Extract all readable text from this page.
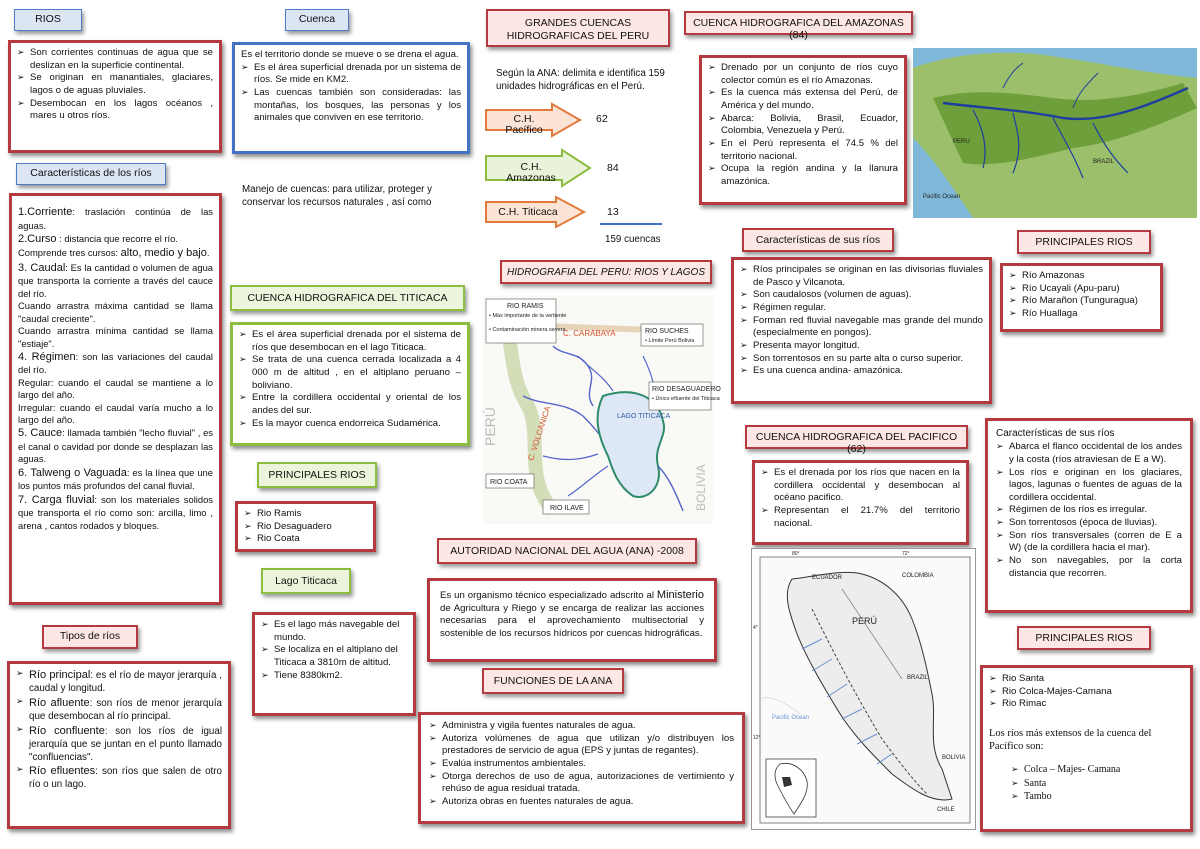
RIOS
➢ Son corrientes continuas de agua que se deslizan en la superficie continental.
➢ Se originan en manantiales, glaciares, lagos o de aguas pluviales.
➢ Desembocan en los lagos océanos , mares u otros ríos.
Características de los ríos

1.Corriente: traslación continúa de las aguas.

2.Curso : distancia que recorre el río.

Comprende tres cursos: alto, medio y bajo.

3. Caudal: Es la cantidad o volumen de agua que transporta la corriente a través del cauce del río.

Cuando arrastra máxima cantidad se llama "caudal creciente".

Cuando arrastra mínima cantidad se llama "estiaje".

4. Régimen: son las variaciones del caudal del río.

Regular: cuando el caudal se mantiene a lo largo del año.

Irregular: cuando el caudal varía mucho a lo largo del año.

5. Cauce: llamada también "lecho fluvial" , es el canal o cavidad por donde se desplazan las aguas.

6. Talweng o Vaguada: es la línea que une los puntos más profundos del canal fluvial.

7. Carga fluvial: son los materiales solidos que transporta el río como son: arcilla, limo , arena , cantos rodados y bloques.

Tipos de ríos
➢ Río principal: es el río de mayor jerarquía , caudal y longitud.
➢ Río afluente: son ríos de menor jerarquía que desembocan al río principal.
➢ Río confluente: son los ríos de igual jerarquía que se juntan en el punto llamado "confluencias".
➢ Río efluentes: son ríos que salen de otro río o un lago.
Cuenca

Es el territorio donde se mueve o se drena el agua.

➢ Es el área superficial drenada por un sistema de ríos. Se mide en KM2.
➢ Las cuencas también son consideradas: las montañas, los bosques, las personas y los animales que conviven en ese territorio.
Manejo de cuencas: para utilizar, proteger y conservar los recursos naturales , así como
CUENCA HIDROGRAFICA DEL TITICACA
➢ Es el área superficial drenada por el sistema de ríos que desembocan en el lago Titicaca.
➢ Se trata de una cuenca cerrada localizada a 4 000 m de altitud , en el altiplano peruano – boliviano.
➢ Entre la cordillera occidental y oriental de los andes del sur.
➢ Es la mayor cuenca endorreica Sudamérica.
PRINCIPALES RIOS
➢ Rio Ramis
➢ Rio Desaguadero
➢ Rio Coata
Lago Titicaca
➢ Es el lago más navegable del mundo.
➢ Se localiza en el altiplano del Titicaca a 3810m de altitud.
➢ Tiene 8380km2.
GRANDES CUENCAS
HIDROGRAFICAS DEL PERU
Según la ANA: delimita e identifica 159 unidades hidrográficas en el Perú.
C.H. Pacífico
62
C.H. Amazonas
84
C.H. Titicaca	13
159 cuencas
HIDROGRAFIA DEL PERU: RIOS Y LAGOS
RIO RAMIS
• Más importante de la vertiente
• Contaminación minera severa
C. CARABAYA	RIO SUCHES
• Límite Perú Bolivia
RIO DESAGUADERO
• Único efluente del Titicaca
LAGO TITICACA
RIO COATA
RIO ILAVE
C. VOLCANICA
PERÚ
BOLIVIA
AUTORIDAD NACIONAL DEL AGUA (ANA) -2008

Es un organismo técnico especializado adscrito al Ministerio de Agricultura y Riego y se encarga de realizar las acciones necesarias para el aprovechamiento multisectorial y sostenible de los recursos hídricos por cuencas hidrográficas.

FUNCIONES DE LA ANA
➢ Administra y vigila fuentes naturales de agua.
➢ Autoriza volúmenes de agua que utilizan y/o distribuyen los prestadores de servicio de agua (EPS y juntas de regantes).
➢ Evalúa instrumentos ambientales.
➢ Otorga derechos de uso de agua, autorizaciones de vertimiento y rehúso de agua residual tratada.
➢ Autoriza obras en fuentes naturales de agua.
CUENCA HIDROGRAFICA DEL AMAZONAS (84)
➢ Drenado por un conjunto de ríos cuyo colector común es el río Amazonas.
➢ Es la cuenca más extensa del Perú, de América y del mundo.
➢ Abarca: Bolivia, Brasil, Ecuador, Colombia, Venezuela y Perú.
➢ En el Perú representa el 74.5 % del territorio nacional.
➢ Ocupa la región andina y la llanura amazónica.
Pacific Ocean
PERU
BRAZIL
Características de sus ríos
➢ Ríos principales se originan en las divisorias fluviales de Pasco y Vilcanota.
➢ Son caudalosos (volumen de aguas).
➢ Régimen regular.
➢ Forman red fluvial navegable mas grande del mundo (especialmente en pongos).
➢ Presenta mayor longitud.
➢ Son torrentosos en su parte alta o curso superior.
➢ Es una cuenca andina- amazónica.
CUENCA HIDROGRAFICA DEL PACIFICO (62)
➢ Es el drenada por los ríos que nacen en la cordillera occidental y desembocan al océano pacifico.
➢ Representan el 21.7% del territorio nacional.
ECUADOR	COLOMBIA
PERÚ
BRAZIL
BOLIVIA
CHILE
Pacific Ocean
80°	72°
4°
12°
PRINCIPALES RIOS
➢ Río Amazonas
➢ Río Ucayali (Apu-paru)
➢ Río Marañon (Tunguragua)
➢ Río Huallaga
Características de sus ríos
➢ Abarca el flanco occidental de los andes y la costa (ríos atraviesan de E a W).
➢ Los ríos e originan en los glaciares, lagos, lagunas o fuentes de aguas de la cordillera occidental.
➢ Régimen de los ríos es irregular.
➢ Son torrentosos (época de lluvias).
➢ Son ríos transversales (corren de E a W) (de la cordillera hacia el mar).
➢ No son navegables, por la corta distancia que recorren.
PRINCIPALES RIOS
➢ Rio Santa
➢ Rio Colca-Majes-Camana
➢ Rio Rimac

Los ríos más extensos de la cuenca del Pacífico son:

➢ Colca – Majes- Camana
➢ Santa
➢ Tambo
